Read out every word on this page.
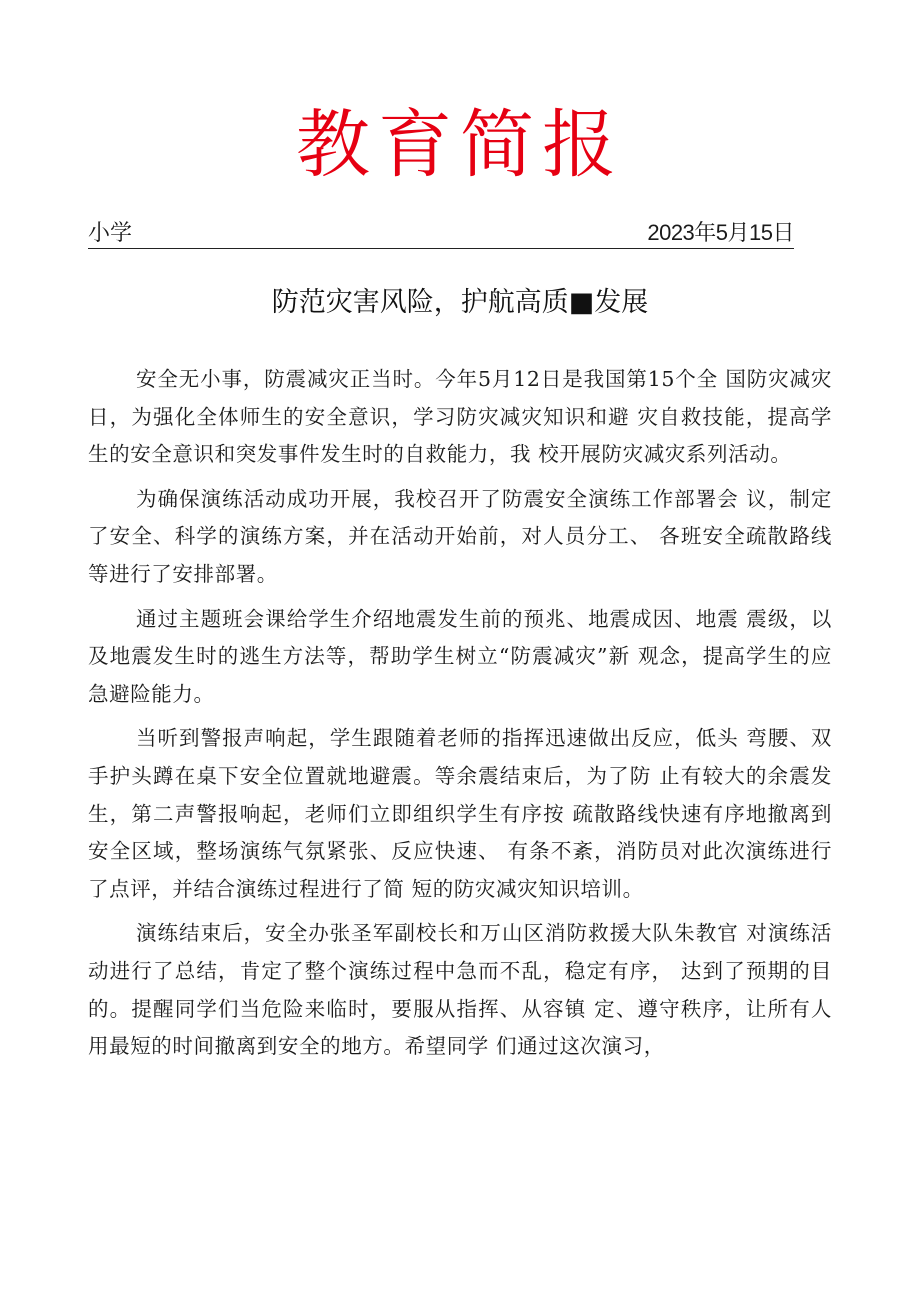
教育简报
小学	2023年5月15日
防范灾害风险，护航高质■发展

安全无小事，防震减灾正当时。今年5月12日是我国第15个全 国防灾减灾日，为强化全体师生的安全意识，学习防灾减灾知识和避 灾自救技能，提高学生的安全意识和突发事件发生时的自救能力，我 校开展防灾减灾系列活动。

为确保演练活动成功开展，我校召开了防震安全演练工作部署会 议，制定了安全、科学的演练方案，并在活动开始前，对人员分工、 各班安全疏散路线等进行了安排部署。

通过主题班会课给学生介绍地震发生前的预兆、地震成因、地震 震级，以及地震发生时的逃生方法等，帮助学生树立“防震减灾”新 观念，提高学生的应急避险能力。

当听到警报声响起，学生跟随着老师的指挥迅速做出反应，低头 弯腰、双手护头蹲在桌下安全位置就地避震。等余震结束后，为了防 止有较大的余震发生，第二声警报响起，老师们立即组织学生有序按 疏散路线快速有序地撤离到安全区域，整场演练气氛紧张、反应快速、 有条不紊，消防员对此次演练进行了点评，并结合演练过程进行了简 短的防灾减灾知识培训。

演练结束后，安全办张圣军副校长和万山区消防救援大队朱教官 对演练活动进行了总结，肯定了整个演练过程中急而不乱，稳定有序， 达到了预期的目的。提醒同学们当危险来临时，要服从指挥、从容镇 定、遵守秩序，让所有人用最短的时间撤离到安全的地方。希望同学 们通过这次演习，
